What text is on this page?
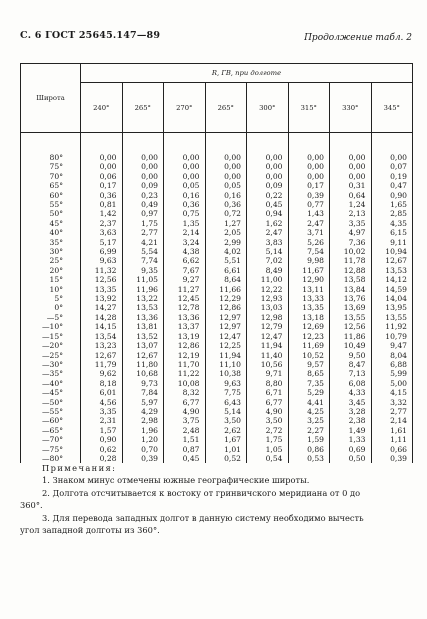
С. 6 ГОСТ 25645.147—89	Продолжение табл. 2
Широта	R, ГВ, при долготе							
	240°	265°	270°	265°	300°	315°	330°	345°
80°	0,00	0,00	0,00	0,00	0,00	0,00	0,00	0,00
75°	0,00	0,00	0,00	0,00	0,00	0,00	0,00	0,07
70°	0,06	0,00	0,00	0,00	0,00	0,00	0,00	0,19
65°	0,17	0,09	0,05	0,05	0,09	0,17	0,31	0,47
60°	0,36	0,23	0,16	0,16	0,22	0,39	0,64	0,90
55°	0,81	0,49	0,36	0,36	0,45	0,77	1,24	1,65
50°	1,42	0,97	0,75	0,72	0,94	1,43	2,13	2,85
45°	2,37	1,75	1,35	1,27	1,62	2,47	3,35	4,35
40°	3,63	2,77	2,14	2,05	2,47	3,71	4,97	6,15
35°	5,17	4,21	3,24	2,99	3,83	5,26	7,36	9,11
30°	6,99	5,54	4,38	4,02	5,14	7,54	10,02	10,94
25°	9,63	7,74	6,62	5,51	7,02	9,98	11,78	12,67
20°	11,32	9,35	7,67	6,61	8,49	11,67	12,88	13,53
15°	12,56	11,05	9,27	8,64	11,00	12,90	13,58	14,12
10°	13,35	11,96	11,27	11,66	12,22	13,11	13,84	14,59
5°	13,92	13,22	12,45	12,29	12,93	13,33	13,76	14,04
0°	14,27	13,53	12,78	12,86	13,03	13,35	13,69	13,95
—5°	14,28	13,36	13,36	12,97	12,98	13,18	13,55	13,55
—10°	14,15	13,81	13,37	12,97	12,79	12,69	12,56	11,92
—15°	13,54	13,52	13,19	12,47	12,47	12,23	11,86	10,79
—20°	13,23	13,07	12,86	12,25	11,94	11,69	10,49	9,47
—25°	12,67	12,67	12,19	11,94	11,40	10,52	9,50	8,04
—30°	11,79	11,80	11,70	11,10	10,56	9,57	8,47	6,88
—35°	9,62	10,68	11,22	10,38	9,71	8,65	7,13	5,99
—40°	8,18	9,73	10,08	9,63	8,80	7,35	6,08	5,00
—45°	6,01	7,84	8,32	7,75	6,71	5,29	4,33	4,15
—50°	4,56	5,97	6,77	6,43	6,77	4,41	3,45	3,32
—55°	3,35	4,29	4,90	5,14	4,90	4,25	3,28	2,77
—60°	2,31	2,98	3,75	3,50	3,50	3,25	2,38	2,14
—65°	1,57	1,96	2,48	2,62	2,72	2,27	1,49	1,61
—70°	0,90	1,20	1,51	1,67	1,75	1,59	1,33	1,11
—75°	0,62	0,70	0,87	1,01	1,05	0,86	0,69	0,66
—80°	0,28	0,39	0,45	0,52	0,54	0,53	0,50	0,39
Примечания:
1. Знаком минус отмечены южные географические широты.
2. Долгота отсчитывается к востоку от гринвичского меридиана от 0 до
360°.
3. Для перевода западных долгот в данную систему необходимо вычесть
угол западной долготы из 360°.
